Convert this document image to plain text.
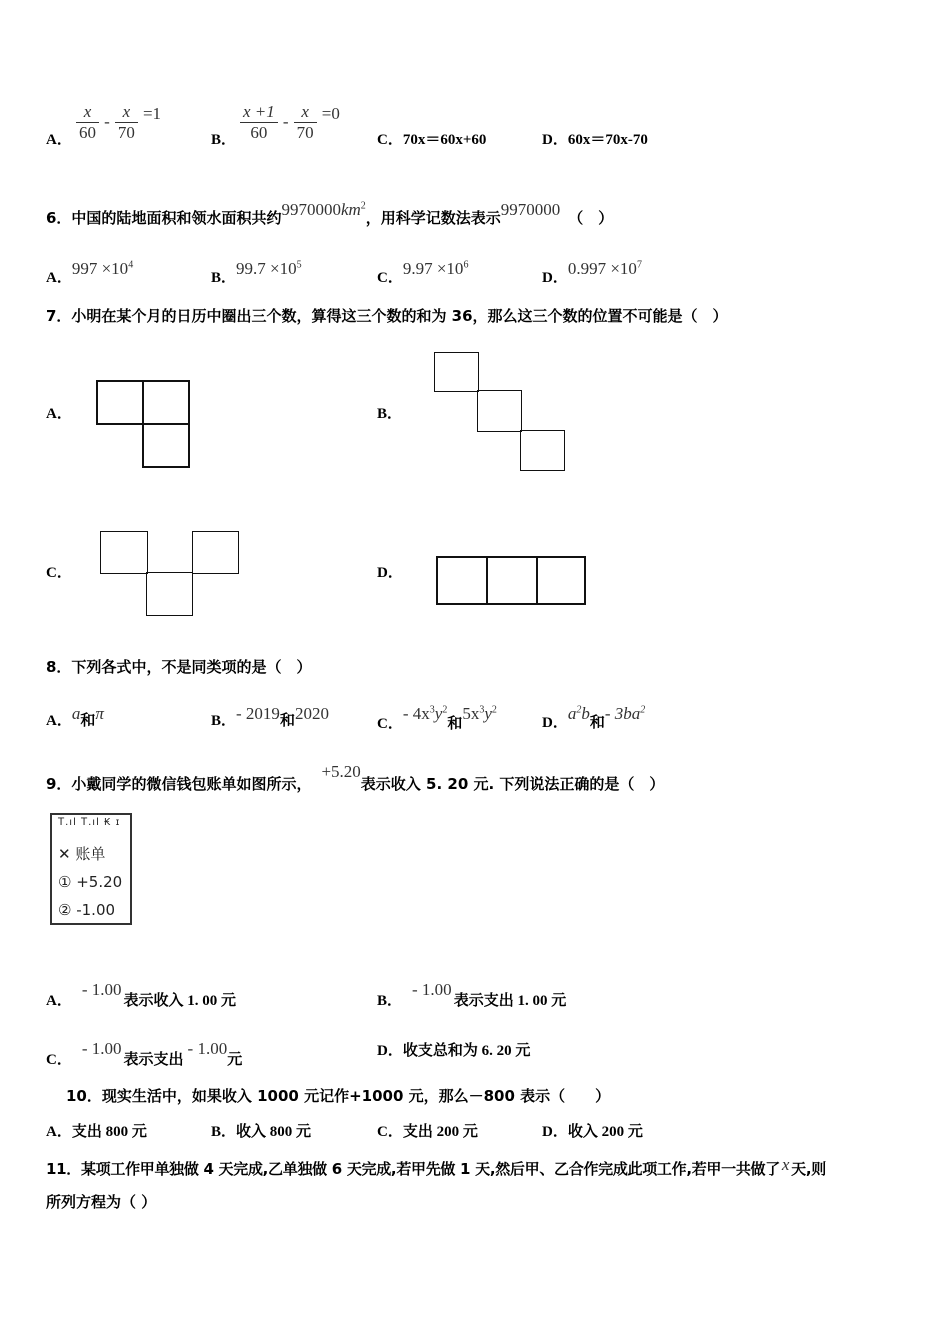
A． $\frac{x}{60} - \frac{x}{70} =1$
B． $\frac{x +1}{60} - \frac{x}{70} =0$
C．70x＝60x+60	D．60x＝70x-70
6．中国的陆地面积和领水面积共约$9970000km^2$，用科学记数法表示9970000 （　）
A．$997 \times 10^4$
B．$99.7 \times 10^5$
C．$9.97 \times 10^6$
D．$0.997 \times 10^7$
7．小明在某个月的日历中圈出三个数，算得这三个数的和为 36，那么这三个数的位置不可能是（　）
A．	B．
C．	D．
8．下列各式中，不是同类项的是（　）
A．a和π	B．- 2019和2020
C．- $4x^3y^2$和$5x^3y^2$
D．$a^2b$和- $3ba^2$
9．小戴同学的微信钱包账单如图所示，+5.20表示收入 5. 20 元. 下列说法正确的是（　）
ꓔ.ıl ꓔ.ıl ₭ ɪ
✕ 账单
① +5.20
② -1.00
A．- 1.00表示收入 1. 00 元	B．- 1.00表示支出 1. 00 元
C．- 1.00表示支出- 1.00元
D．收支总和为 6. 20 元
10．现实生活中，如果收入 1000 元记作+1000 元，那么－800 表示（　　）
A．支出 800 元	B．收入 800 元	C．支出 200 元	D．收入 200 元
11．某项工作甲单独做 4 天完成,乙单独做 6 天完成,若甲先做 1 天,然后甲、乙合作完成此项工作,若甲一共做了 x 天,则
所列方程为（ ）
